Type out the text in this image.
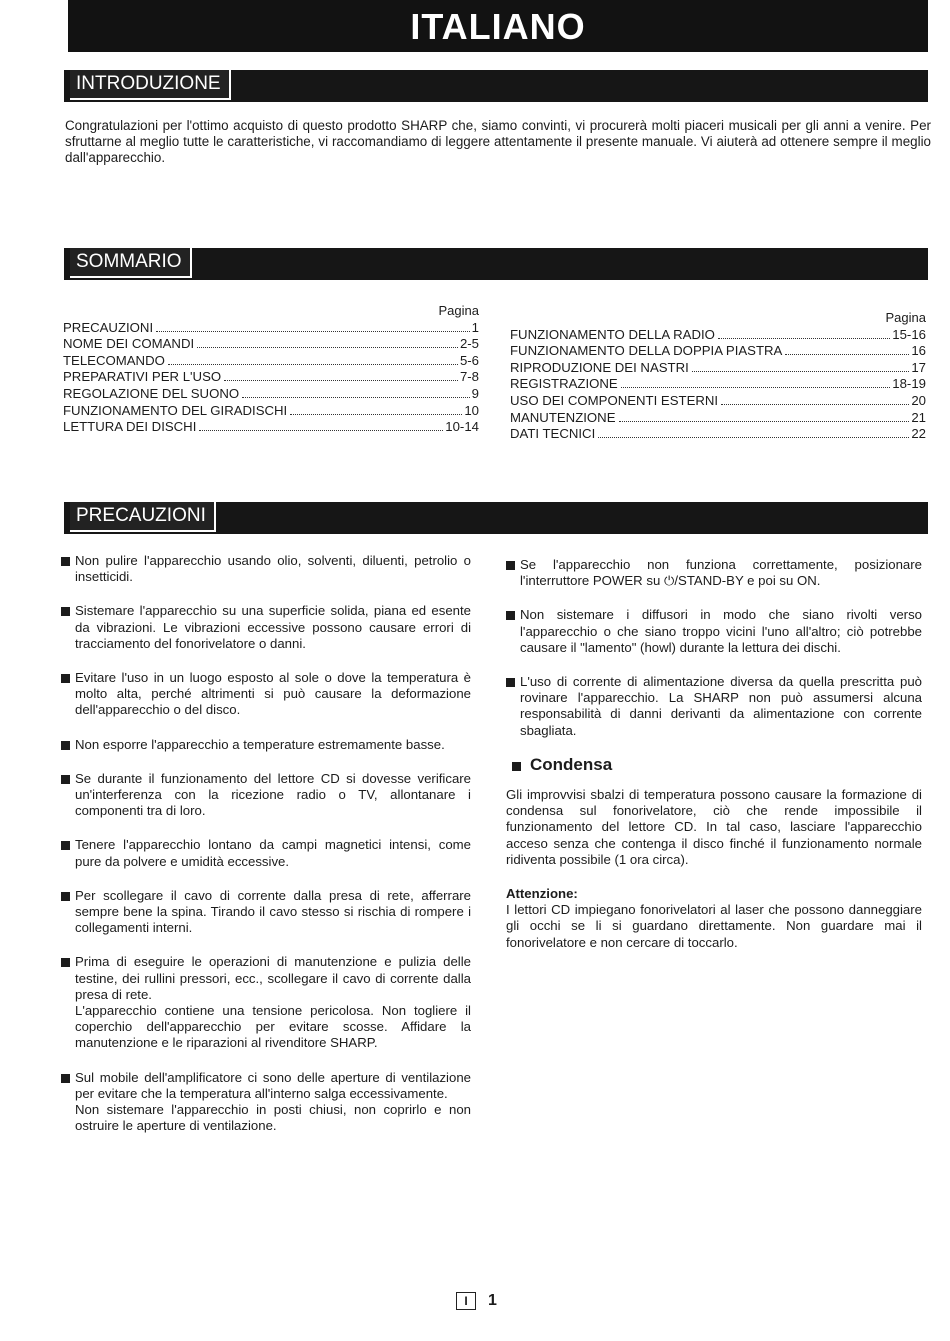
ITALIANO
INTRODUZIONE
Congratulazioni per l'ottimo acquisto di questo prodotto SHARP che, siamo convinti, vi procurerà molti piaceri musicali per gli anni a venire. Per sfruttarne al meglio tutte le caratteristiche, vi raccomandiamo di leggere attentamente il presente manuale. Vi aiuterà ad ottenere sempre il meglio dall'apparecchio.
SOMMARIO
Pagina
PRECAUZIONI	1
NOME DEI COMANDI	2-5
TELECOMANDO	5-6
PREPARATIVI PER L'USO	7-8
REGOLAZIONE DEL SUONO	9
FUNZIONAMENTO DEL GIRADISCHI	10
LETTURA DEI DISCHI	10-14
Pagina
FUNZIONAMENTO DELLA RADIO	15-16
FUNZIONAMENTO DELLA DOPPIA PIASTRA	16
RIPRODUZIONE DEI NASTRI	17
REGISTRAZIONE	18-19
USO DEI COMPONENTI ESTERNI	20
MANUTENZIONE	21
DATI TECNICI	22
PRECAUZIONI
Non pulire l'apparecchio usando olio, solventi, diluenti, petrolio o insetticidi.
Sistemare l'apparecchio su una superficie solida, piana ed esente da vibrazioni. Le vibrazioni eccessive possono causare errori di tracciamento del fonorivelatore o danni.
Evitare l'uso in un luogo esposto al sole o dove la temperatura è molto alta, perché altrimenti si può causare la deformazione dell'apparecchio o del disco.
Non esporre l'apparecchio a temperature estremamente basse.
Se durante il funzionamento del lettore CD si dovesse verificare un'interferenza con la ricezione radio o TV, allontanare i componenti tra di loro.
Tenere l'apparecchio lontano da campi magnetici intensi, come pure da polvere e umidità eccessive.
Per scollegare il cavo di corrente dalla presa di rete, afferrare sempre bene la spina. Tirando il cavo stesso si rischia di rompere i collegamenti interni.
Prima di eseguire le operazioni di manutenzione e pulizia delle testine, dei rullini pressori, ecc., scollegare il cavo di corrente dalla presa di rete.
L'apparecchio contiene una tensione pericolosa. Non togliere il coperchio dell'apparecchio per evitare scosse. Affidare la manutenzione e le riparazioni al rivenditore SHARP.
Sul mobile dell'amplificatore ci sono delle aperture di ventilazione per evitare che la temperatura all'interno salga eccessivamente.
Non sistemare l'apparecchio in posti chiusi, non coprirlo e non ostruire le aperture di ventilazione.
Se l'apparecchio non funziona correttamente, posizionare l'interruttore POWER su ⏻/STAND-BY e poi su ON.
Non sistemare i diffusori in modo che siano rivolti verso l'apparecchio o che siano troppo vicini l'uno all'altro; ciò potrebbe causare il "lamento" (howl) durante la lettura dei dischi.
L'uso di corrente di alimentazione diversa da quella prescritta può rovinare l'apparecchio. La SHARP non può assumersi alcuna responsabilità di danni derivanti da alimentazione con corrente sbagliata.
Condensa
Gli improvvisi sbalzi di temperatura possono causare la formazione di condensa sul fonorivelatore, ciò che rende impossibile il funzionamento del lettore CD. In tal caso, lasciare l'apparecchio acceso senza che contenga il disco finché il funzionamento normale ridiventa possibile (1 ora circa).
Attenzione:
I lettori CD impiegano fonorivelatori al laser che possono danneggiare gli occhi se li si guardano direttamente. Non guardare mai il fonorivelatore e non cercare di toccarlo.
I	1
